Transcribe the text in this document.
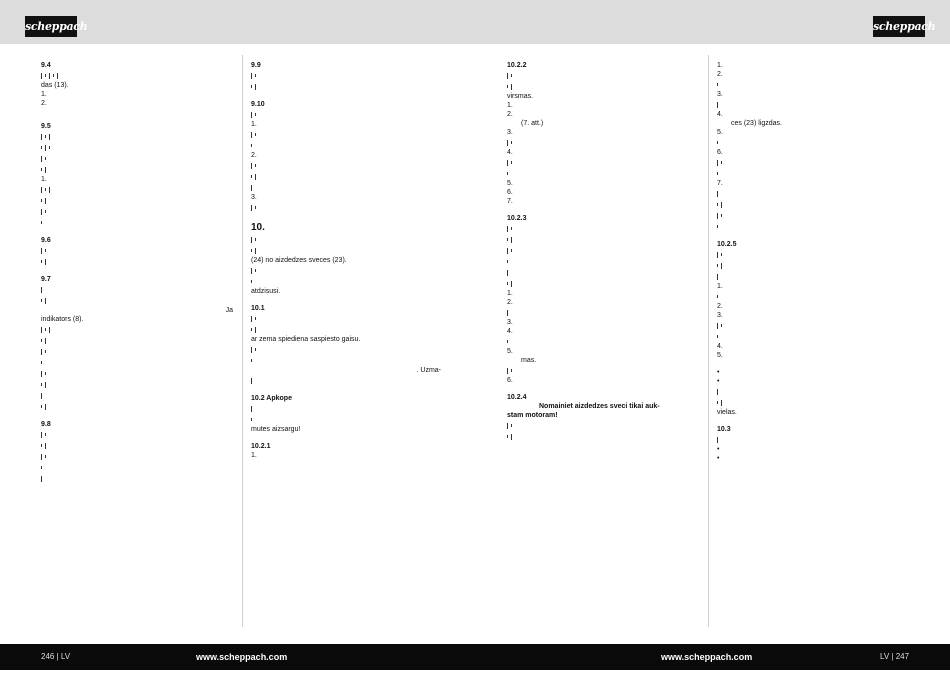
scheppach	scheppach
9.4
das (13).
1.
2.
9.5
1.
9.6
9.7
Ja
indikators (8).
9.8
9.9
9.10
1.
2.
3.
10.
(24) no aizdedzes sveces (23).
atdzisusi.
10.1
ar zema spiediena saspiesto gaisu.
. Uzma-
10.2 Apkope
mutes aizsargu!
10.2.1
1.
10.2.2
virsmas.
1.
2.
(7. att.)
3.
4.
5.
6.
7.
10.2.3
1.
2.
3.
4.
5.
mas.
6.
10.2.4
Nomainiet aizdedzes sveci tikai auk-
stam motoram!
1.
2.
3.
4.
ces (23) ligzdas.
5.
6.
7.
10.2.5
1.
2.
3.
4.
5.
•
•
vielas.
10.3
•
•
246 | LV	www.scheppach.com	www.scheppach.com	LV | 247
